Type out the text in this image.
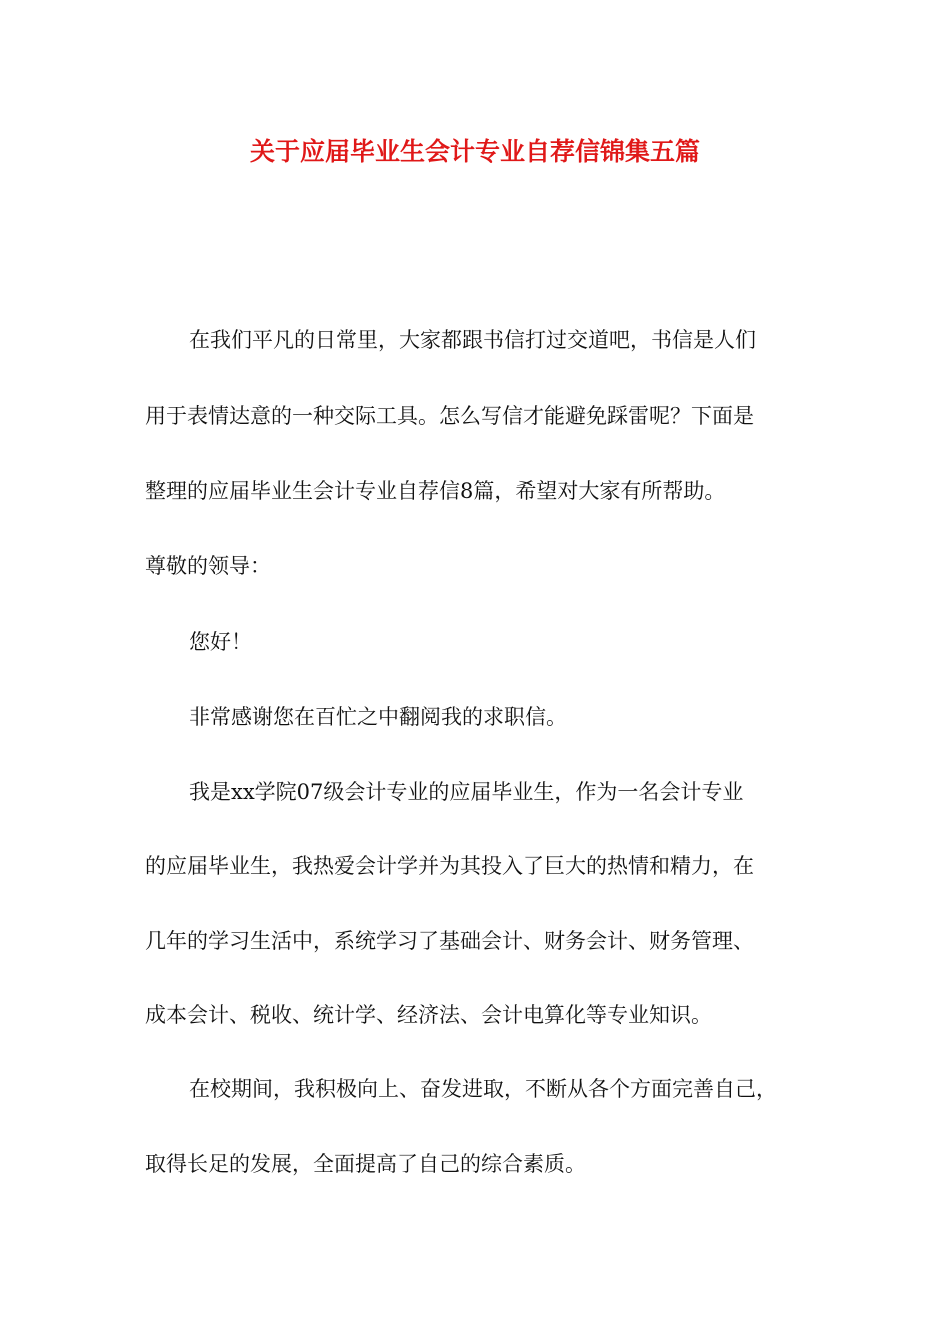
关于应届毕业生会计专业自荐信锦集五篇

在我们平凡的日常里，大家都跟书信打过交道吧，书信是人们

用于表情达意的一种交际工具。怎么写信才能避免踩雷呢？下面是

整理的应届毕业生会计专业自荐信8篇，希望对大家有所帮助。

尊敬的领导：

您好！

非常感谢您在百忙之中翻阅我的求职信。

我是xx学院07级会计专业的应届毕业生，作为一名会计专业

的应届毕业生，我热爱会计学并为其投入了巨大的热情和精力，在

几年的学习生活中，系统学习了基础会计、财务会计、财务管理、

成本会计、税收、统计学、经济法、会计电算化等专业知识。

在校期间，我积极向上、奋发进取，不断从各个方面完善自己，

取得长足的发展，全面提高了自己的综合素质。
